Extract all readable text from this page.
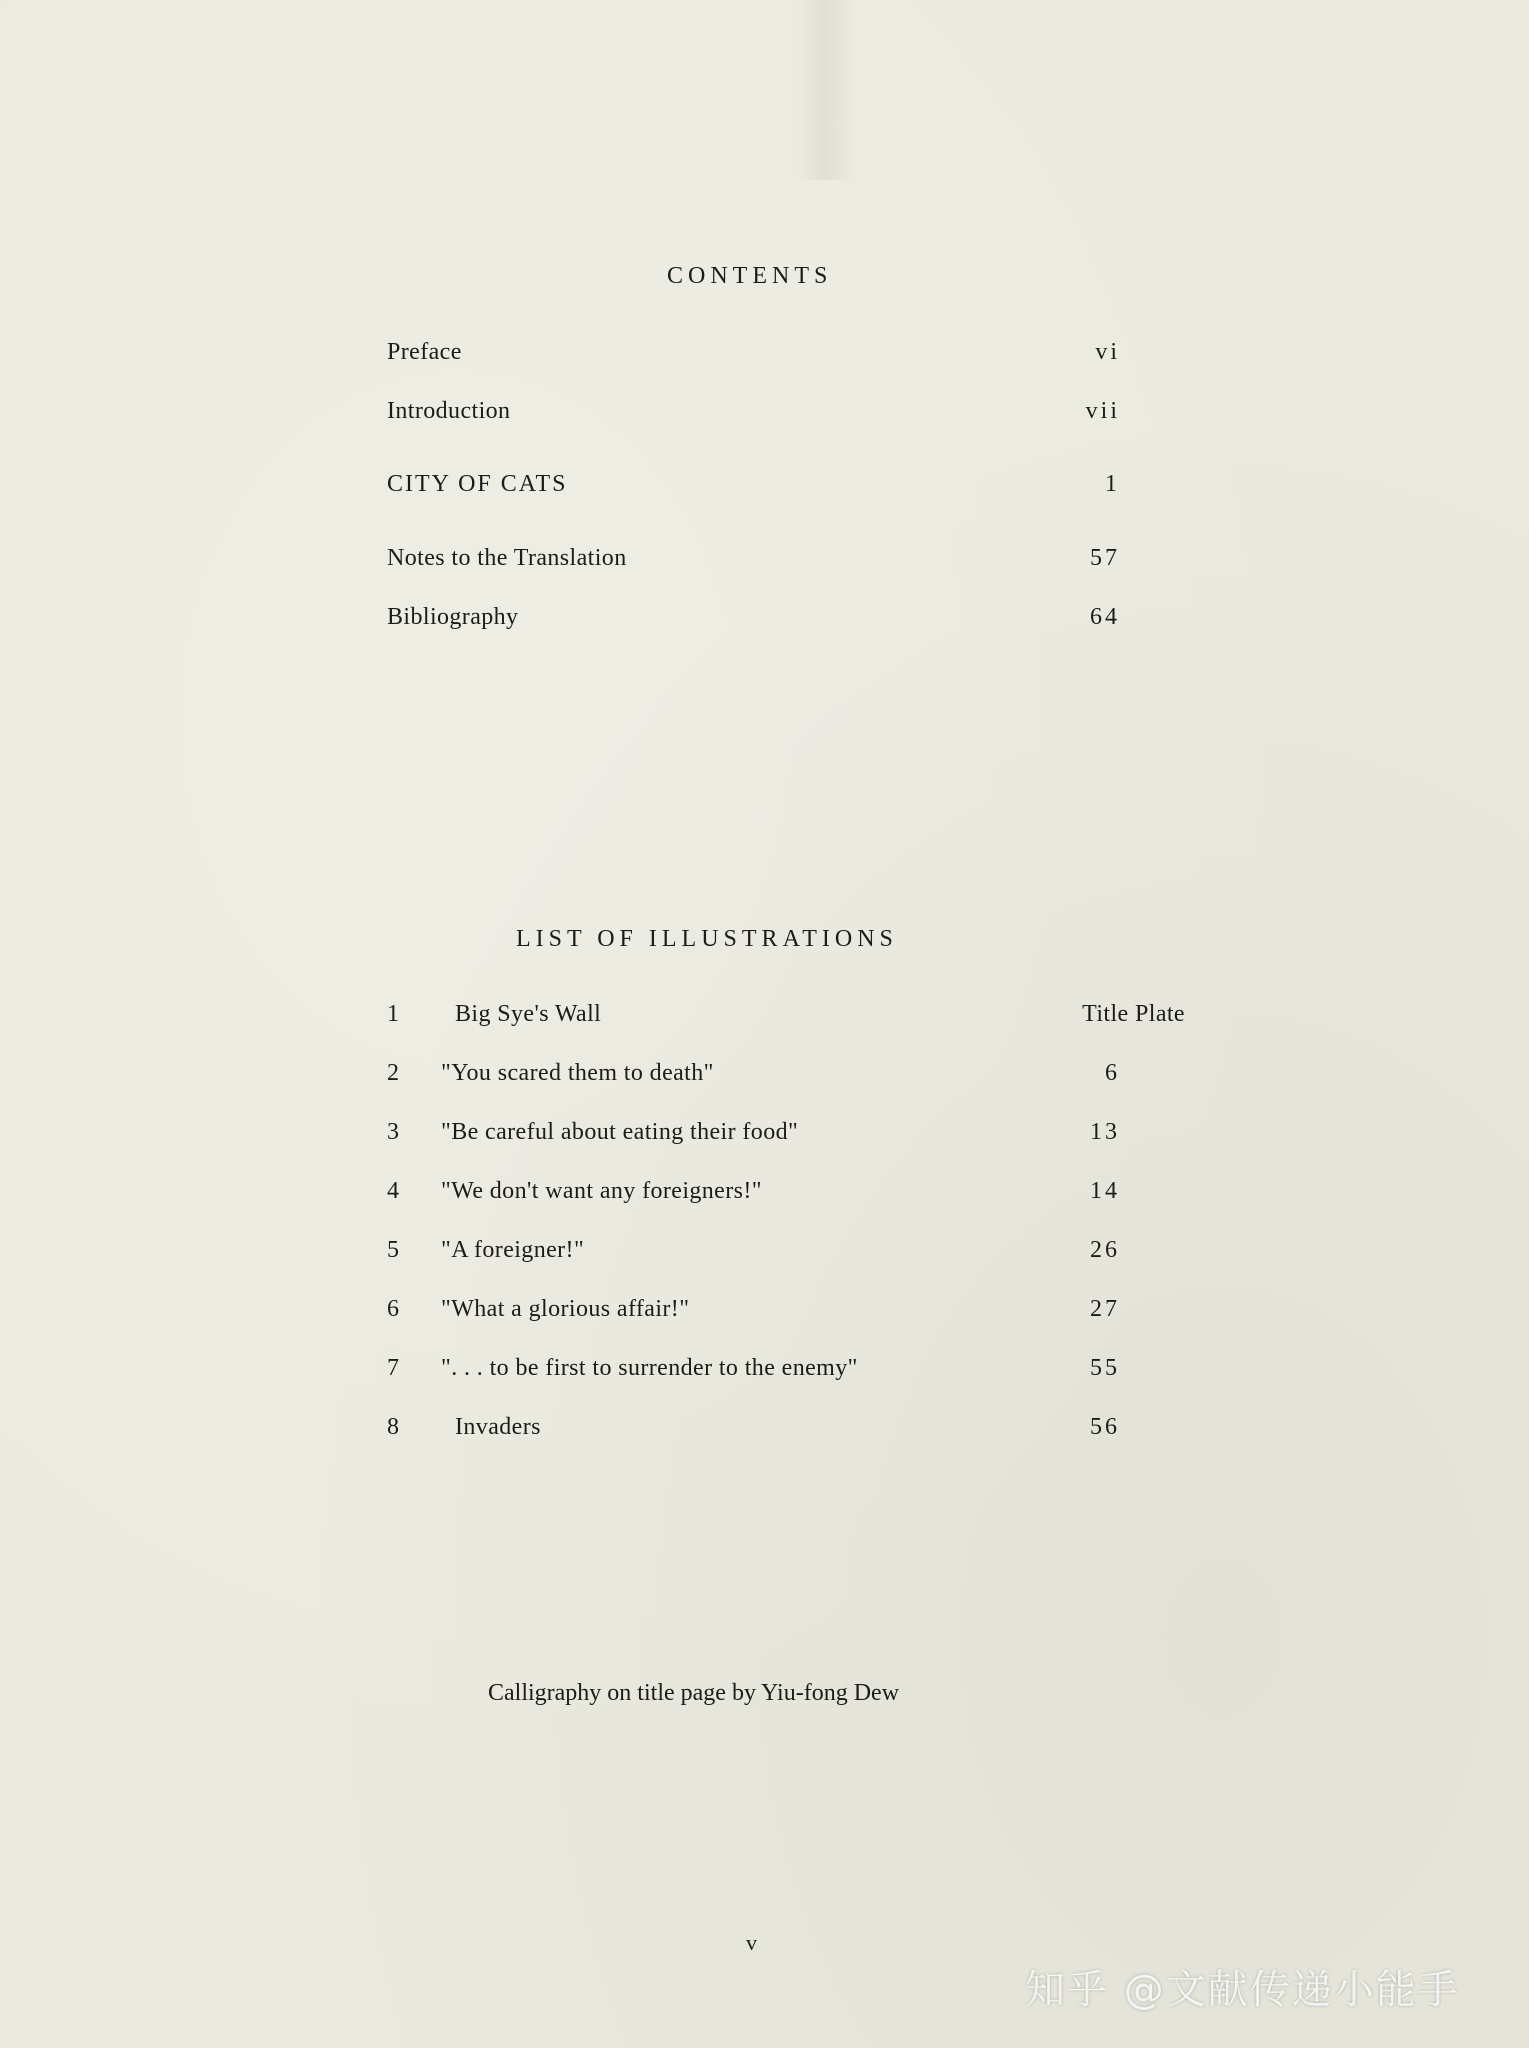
CONTENTS
Preface	vi
Introduction	vii
CITY OF CATS	1
Notes to the Translation	57
Bibliography	64
LIST OF ILLUSTRATIONS
1	Big Sye's Wall	Title Plate
2	"You scared them to death"	6
3	"Be careful about eating their food"	13
4	"We don't want any foreigners!"	14
5	"A foreigner!"	26
6	"What a glorious affair!"	27
7	". . . to be first to surrender to the enemy"	55
8	Invaders	56
Calligraphy on title page by Yiu-fong Dew
v
知乎 @文献传递小能手
